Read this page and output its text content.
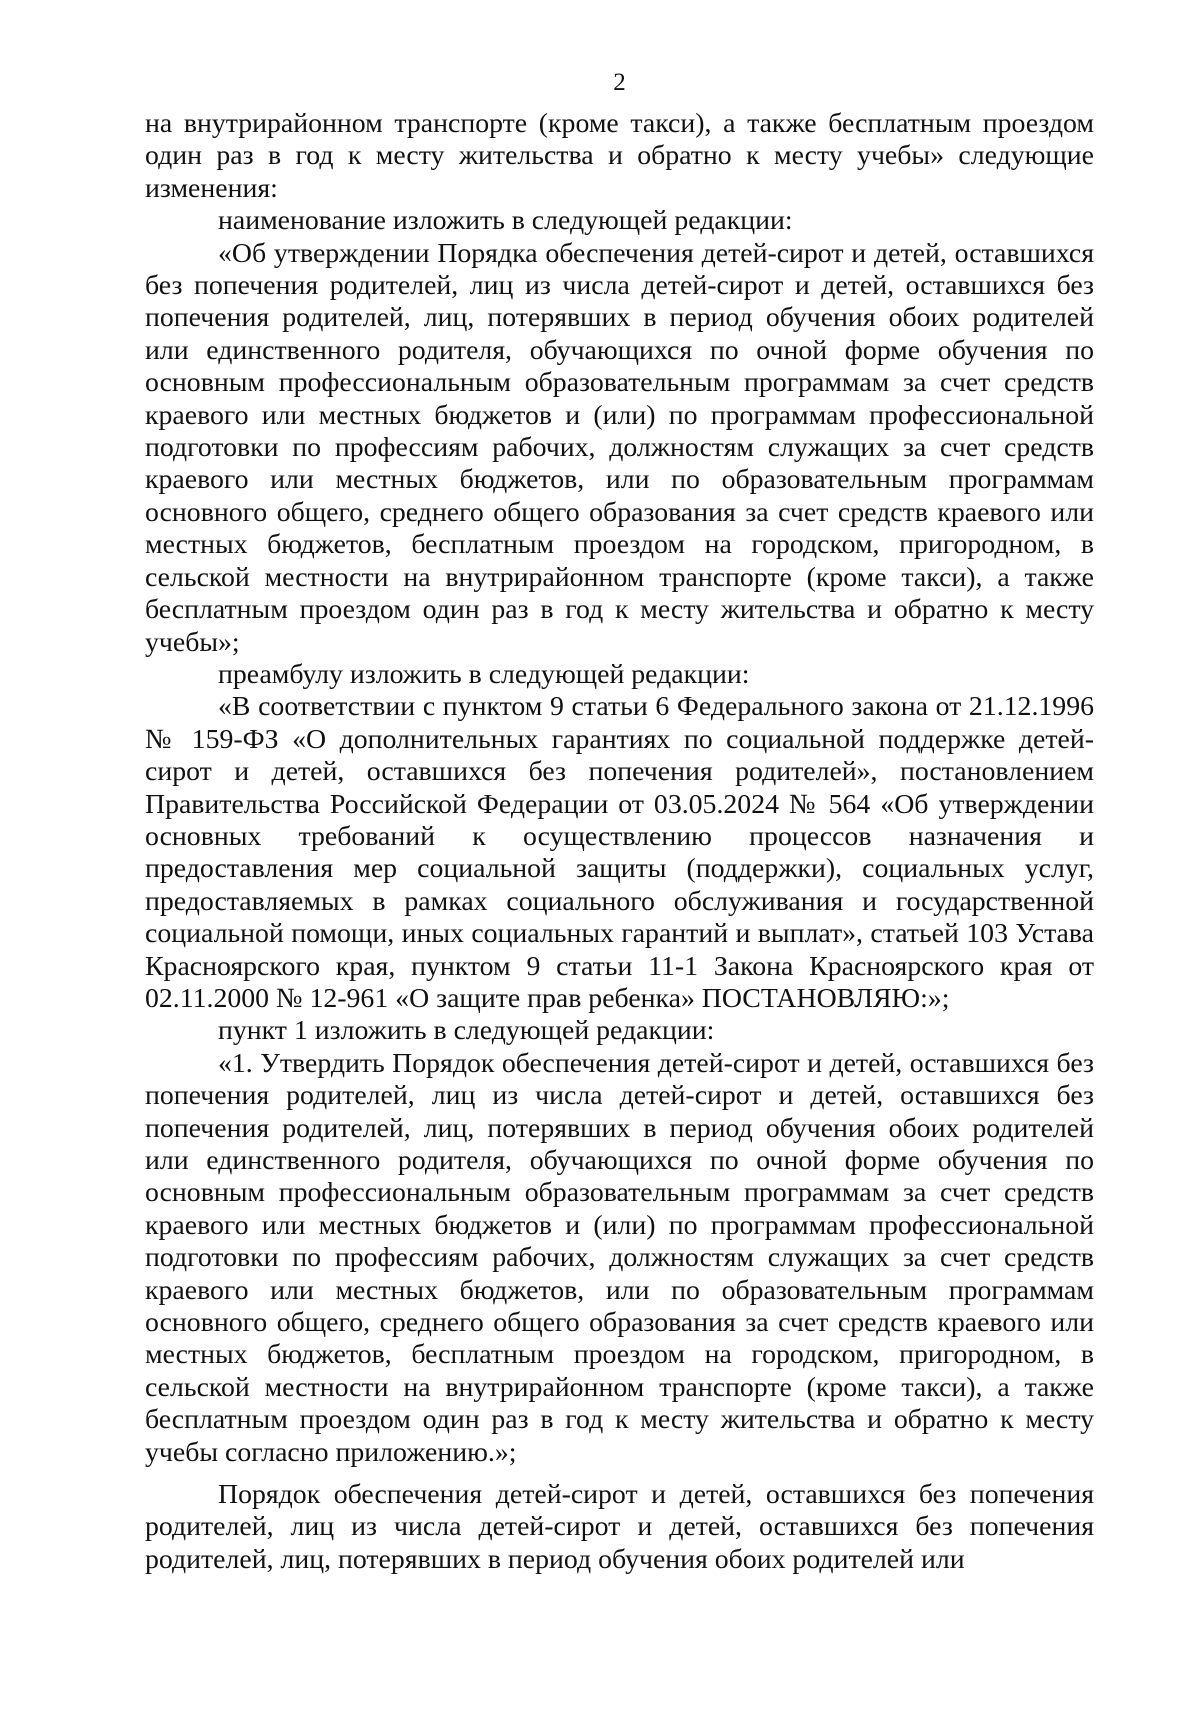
2

на внутрирайонном транспорте (кроме такси), а также бесплатным проездом один раз в год к месту жительства и обратно к месту учебы» следующие изменения:

наименование изложить в следующей редакции:

«Об утверждении Порядка обеспечения детей-сирот и детей, оставшихся без попечения родителей, лиц из числа детей-сирот и детей, оставшихся без попечения родителей, лиц, потерявших в период обучения обоих родителей или единственного родителя, обучающихся по очной форме обучения по основным профессиональным образовательным программам за счет средств краевого или местных бюджетов и (или) по программам профессиональной подготовки по профессиям рабочих, должностям служащих за счет средств краевого или местных бюджетов, или по образовательным программам основного общего, среднего общего образования за счет средств краевого или местных бюджетов, бесплатным проездом на городском, пригородном, в сельской местности на внутрирайонном транспорте (кроме такси), а также бесплатным проездом один раз в год к месту жительства и обратно к месту учебы»;

преамбулу изложить в следующей редакции:

«В соответствии с пунктом 9 статьи 6 Федерального закона от 21.12.1996 № 159-ФЗ «О дополнительных гарантиях по социальной поддержке детей-сирот и детей, оставшихся без попечения родителей», постановлением Правительства Российской Федерации от 03.05.2024 № 564 «Об утверждении основных требований к осуществлению процессов назначения и предоставления мер социальной защиты (поддержки), социальных услуг, предоставляемых в рамках социального обслуживания и государственной социальной помощи, иных социальных гарантий и выплат», статьей 103 Устава Красноярского края, пунктом 9 статьи 11-1 Закона Красноярского края от 02.11.2000 № 12-961 «О защите прав ребенка» ПОСТАНОВЛЯЮ:»;

пункт 1 изложить в следующей редакции:

«1. Утвердить Порядок обеспечения детей-сирот и детей, оставшихся без попечения родителей, лиц из числа детей-сирот и детей, оставшихся без попечения родителей, лиц, потерявших в период обучения обоих родителей или единственного родителя, обучающихся по очной форме обучения по основным профессиональным образовательным программам за счет средств краевого или местных бюджетов и (или) по программам профессиональной подготовки по профессиям рабочих, должностям служащих за счет средств краевого или местных бюджетов, или по образовательным программам основного общего, среднего общего образования за счет средств краевого или местных бюджетов, бесплатным проездом на городском, пригородном, в сельской местности на внутрирайонном транспорте (кроме такси), а также бесплатным проездом один раз в год к месту жительства и обратно к месту учебы согласно приложению.»;

Порядок обеспечения детей-сирот и детей, оставшихся без попечения родителей, лиц из числа детей-сирот и детей, оставшихся без попечения родителей, лиц, потерявших в период обучения обоих родителей или
